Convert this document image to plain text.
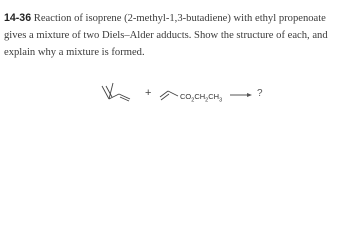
14-36 Reaction of isoprene (2-methyl-1,3-butadiene) with ethyl propenoate gives a mixture of two Diels–Alder adducts. Show the structure of each, and explain why a mixture is formed.
+	$CO_2CH_2CH_3$
?
